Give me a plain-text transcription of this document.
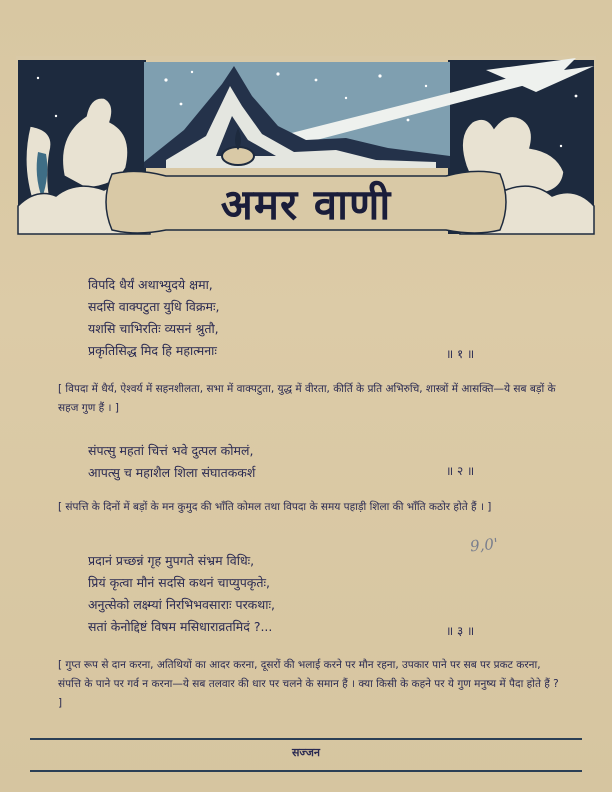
अमर वाणी
विपदि धैर्यं अथाभ्युदये क्षमा,
सदसि वाक्पटुता युधि विक्रमः,
यशसि चाभिरतिः व्यसनं श्रुतौ,
प्रकृतिसिद्ध मिद हि महात्मनाः	॥ १ ॥
[ विपदा में धैर्य, ऐश्वर्य में सहनशीलता, सभा में वाक्पटुता, युद्ध में वीरता, कीर्ति के प्रति अभिरुचि, शास्त्रों में आसक्ति—ये सब बड़ों के सहज गुण हैं । ]
संपत्सु महतां चित्तं भवे दुत्पल कोमलं,
आपत्सु च महाशैल शिला संघातककर्श	॥ २ ॥
[ संपत्ति के दिनों में बड़ों के मन कुमुद की भाँति कोमल तथा विपदा के समय पहाड़ी शिला की भाँति कठोर होते हैं । ]
9,0'
प्रदानं प्रच्छन्नं गृह मुपगते संभ्रम विधिः,
प्रियं कृत्वा मौनं सदसि कथनं चाप्युपकृतेः,
अनुत्सेको लक्ष्म्यां निरभिभवसाराः परकथाः,
सतां केनोद्दिष्टं विषम मसिधाराव्रतमिदं ?...	॥ ३ ॥
[ गुप्त रूप से दान करना, अतिथियों का आदर करना, दूसरों की भलाई करने पर मौन रहना, उपकार पाने पर सब पर प्रकट करना, संपत्ति के पाने पर गर्व न करना—ये सब तलवार की धार पर चलने के समान हैं । क्या किसी के कहने पर ये गुण मनुष्य में पैदा होते हैं ? ]
सज्जन
